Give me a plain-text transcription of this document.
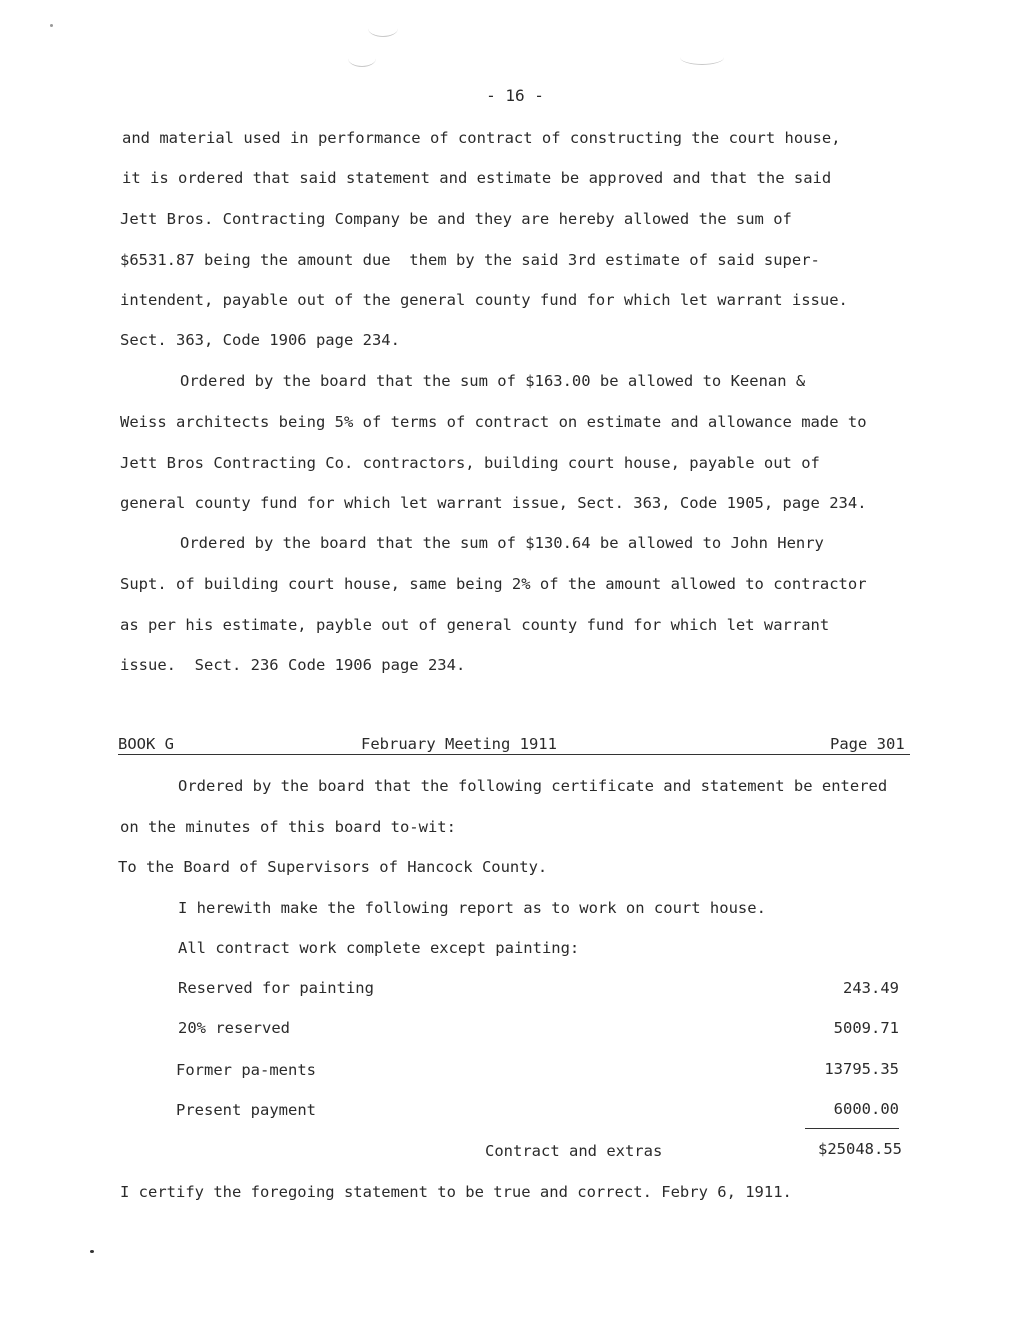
- 16 -
and material used in performance of contract of constructing the court house,
it is ordered that said statement and estimate be approved and that the said
Jett Bros. Contracting Company be and they are hereby allowed the sum of
$6531.87 being the amount due  them by the said 3rd estimate of said super-
intendent, payable out of the general county fund for which let warrant issue.
Sect. 363, Code 1906 page 234.
Ordered by the board that the sum of $163.00 be allowed to Keenan &
Weiss architects being 5% of terms of contract on estimate and allowance made to
Jett Bros Contracting Co. contractors, building court house, payable out of
general county fund for which let warrant issue, Sect. 363, Code 1905, page 234.
Ordered by the board that the sum of $130.64 be allowed to John Henry
Supt. of building court house, same being 2% of the amount allowed to contractor
as per his estimate, payble out of general county fund for which let warrant
issue.  Sect. 236 Code 1906 page 234.
BOOK G	February Meeting 1911	Page 301
Ordered by the board that the following certificate and statement be entered
on the minutes of this board to-wit:
To the Board of Supervisors of Hancock County.
I herewith make the following report as to work on court house.
All contract work complete except painting:
Reserved for painting	243.49
20% reserved	5009.71
Former pa-ments	13795.35
Present payment	6000.00
Contract and extras	$25048.55
I certify the foregoing statement to be true and correct. Febry 6, 1911.
